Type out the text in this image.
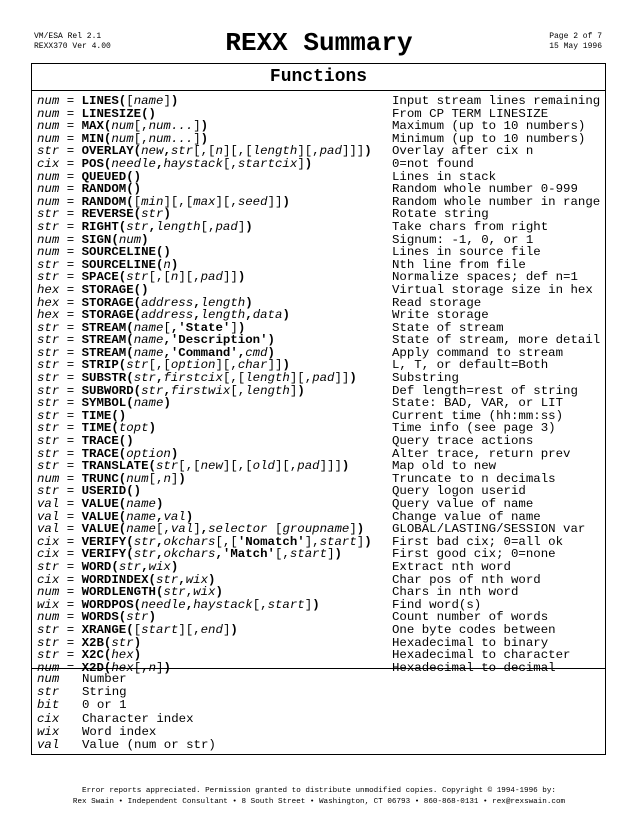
VM/ESA Rel 2.1
REXX370 Ver 4.00	REXX Summary	Page 2 of 7
15 May 1996
Functions
num = LINES([name])	Input stream lines remaining
num = LINESIZE()	From CP TERM LINESIZE
num = MAX(num[,num...])	Maximum (up to 10 numbers)
num = MIN(num[,num...])	Minimum (up to 10 numbers)
str = OVERLAY(new,str[,[n][,[length][,pad]]])	Overlay after cix n
cix = POS(needle,haystack[,startcix])	0=not found
num = QUEUED()	Lines in stack
num = RANDOM()	Random whole number 0-999
num = RANDOM([min][,[max][,seed]])	Random whole number in range
str = REVERSE(str)	Rotate string
str = RIGHT(str,length[,pad])	Take chars from right
num = SIGN(num)	Signum: -1, 0, or 1
num = SOURCELINE()	Lines in source file
str = SOURCELINE(n)	Nth line from file
str = SPACE(str[,[n][,pad]])	Normalize spaces; def n=1
hex = STORAGE()	Virtual storage size in hex
hex = STORAGE(address,length)	Read storage
hex = STORAGE(address,length,data)	Write storage
str = STREAM(name[,'State'])	State of stream
str = STREAM(name,'Description')	State of stream, more detail
str = STREAM(name,'Command',cmd)	Apply command to stream
str = STRIP(str[,[option][,char]])	L, T, or default=Both
str = SUBSTR(str,firstcix[,[length][,pad]])	Substring
str = SUBWORD(str,firstwix[,length])	Def length=rest of string
str = SYMBOL(name)	State: BAD, VAR, or LIT
str = TIME()	Current time (hh:mm:ss)
str = TIME(topt)	Time info (see page 3)
str = TRACE()	Query trace actions
str = TRACE(option)	Alter trace, return prev
str = TRANSLATE(str[,[new][,[old][,pad]]])	Map old to new
num = TRUNC(num[,n])	Truncate to n decimals
str = USERID()	Query logon userid
val = VALUE(name)	Query value of name
val = VALUE(name,val)	Change value of name
val = VALUE(name[,val],selector [groupname])	GLOBAL/LASTING/SESSION var
cix = VERIFY(str,okchars[,['Nomatch'],start])	First bad cix; 0=all ok
cix = VERIFY(str,okchars,'Match'[,start])	First good cix; 0=none
str = WORD(str,wix)	Extract nth word
cix = WORDINDEX(str,wix)	Char pos of nth word
num = WORDLENGTH(str,wix)	Chars in nth word
wix = WORDPOS(needle,haystack[,start])	Find word(s)
num = WORDS(str)	Count number of words
str = XRANGE([start][,end])	One byte codes between
str = X2B(str)	Hexadecimal to binary
str = X2C(hex)	Hexadecimal to character
num = X2D(hex[,n])	Hexadecimal to decimal
num	Number
str	String
bit	0 or 1
cix	Character index
wix	Word index
val	Value (num or str)
Error reports appreciated. Permission granted to distribute unmodified copies. Copyright © 1994-1996 by:
Rex Swain • Independent Consultant • 8 South Street • Washington, CT 06793 • 860-868-0131 • rex@rexswain.com
